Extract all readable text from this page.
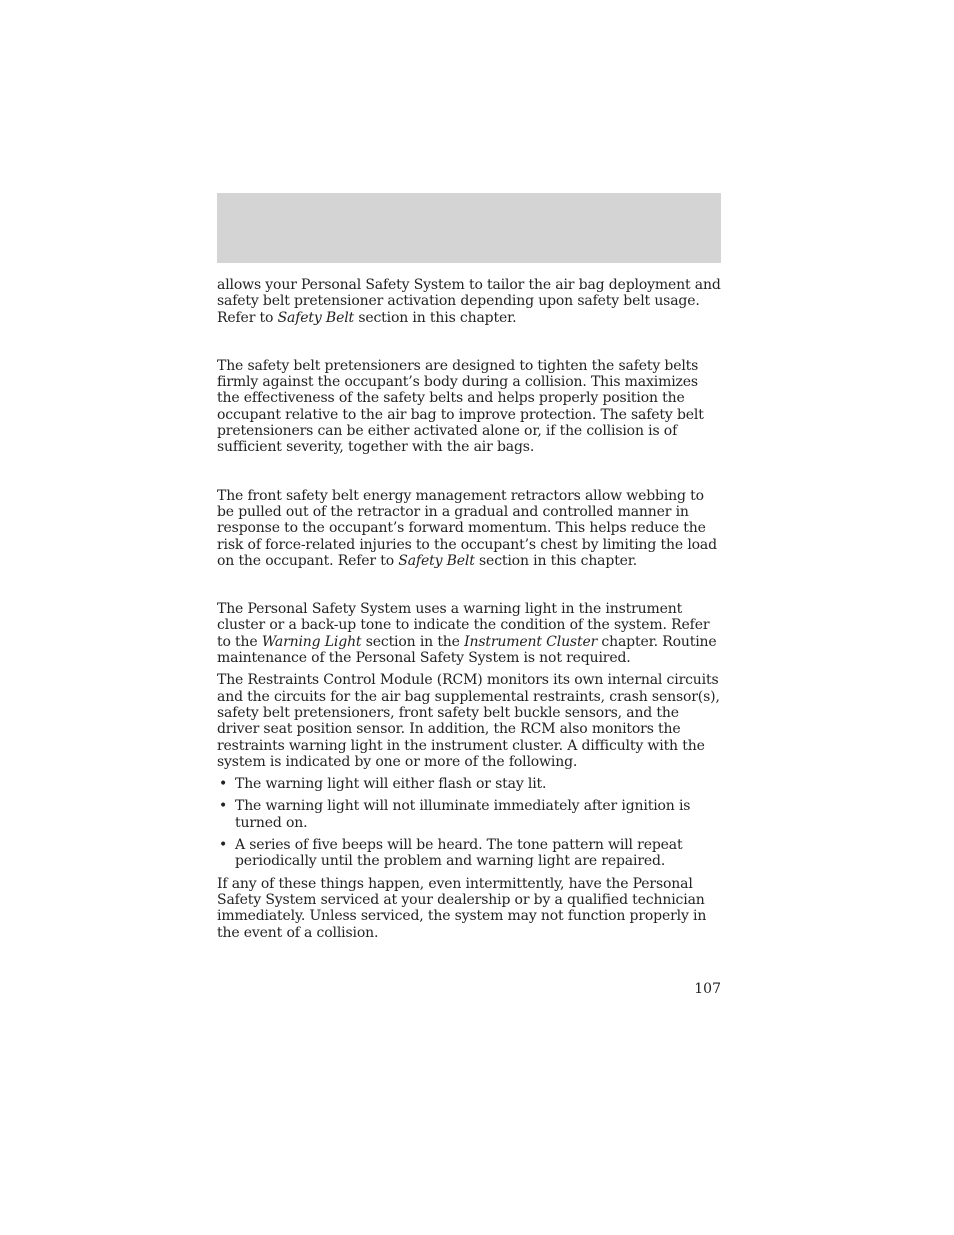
allows your Personal Safety System to tailor the air bag deployment and safety belt pretensioner activation depending upon safety belt usage. Refer to Safety Belt section in this chapter.

The safety belt pretensioners are designed to tighten the safety belts firmly against the occupant’s body during a collision. This maximizes the effectiveness of the safety belts and helps properly position the occupant relative to the air bag to improve protection. The safety belt pretensioners can be either activated alone or, if the collision is of sufficient severity, together with the air bags.

The front safety belt energy management retractors allow webbing to be pulled out of the retractor in a gradual and controlled manner in response to the occupant’s forward momentum. This helps reduce the risk of force-related injuries to the occupant’s chest by limiting the load on the occupant. Refer to Safety Belt section in this chapter.

The Personal Safety System uses a warning light in the instrument cluster or a back-up tone to indicate the condition of the system. Refer to the Warning Light section in the Instrument Cluster chapter. Routine maintenance of the Personal Safety System is not required.

The Restraints Control Module (RCM) monitors its own internal circuits and the circuits for the air bag supplemental restraints, crash sensor(s), safety belt pretensioners, front safety belt buckle sensors, and the driver seat position sensor. In addition, the RCM also monitors the restraints warning light in the instrument cluster. A difficulty with the system is indicated by one or more of the following.

• The warning light will either flash or stay lit.
• The warning light will not illuminate immediately after ignition is turned on.
• A series of five beeps will be heard. The tone pattern will repeat periodically until the problem and warning light are repaired.

If any of these things happen, even intermittently, have the Personal Safety System serviced at your dealership or by a qualified technician immediately. Unless serviced, the system may not function properly in the event of a collision.

107
